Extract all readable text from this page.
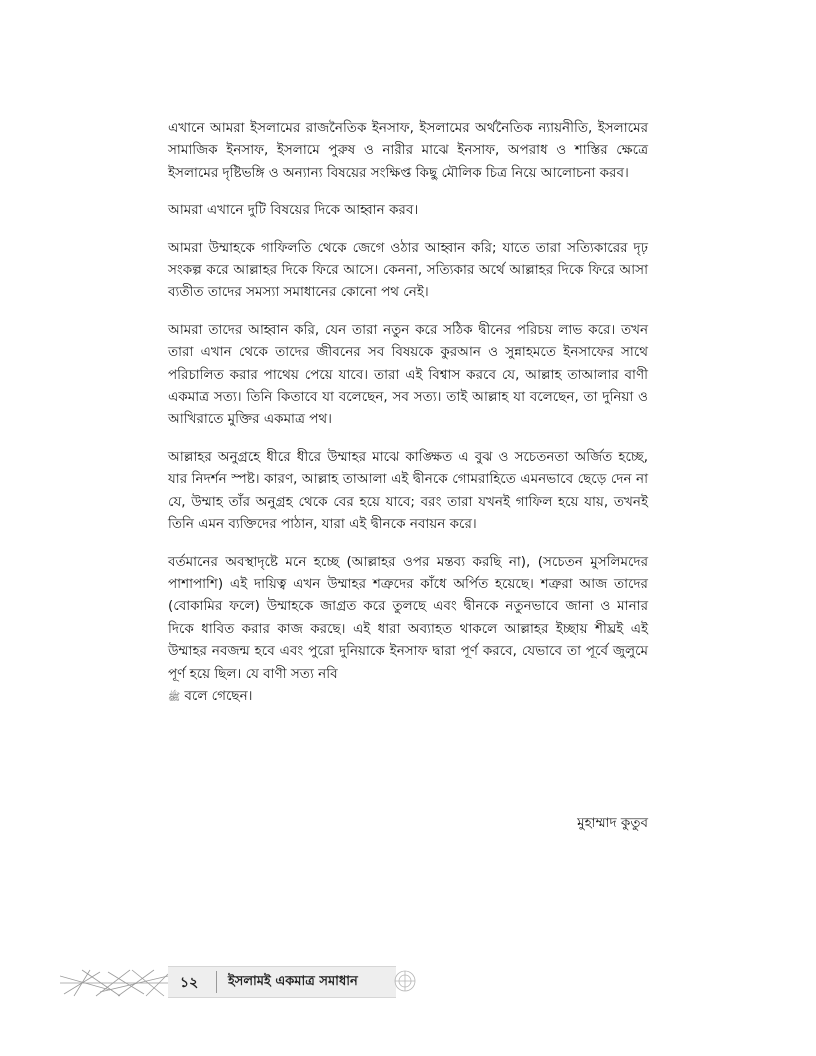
এখানে আমরা ইসলামের রাজনৈতিক ইনসাফ, ইসলামের অর্থনৈতিক ন্যায়নীতি, ইসলামের সামাজিক ইনসাফ, ইসলামে পুরুষ ও নারীর মাঝে ইনসাফ, অপরাধ ও শাস্তির ক্ষেত্রে ইসলামের দৃষ্টিভঙ্গি ও অন্যান্য বিষয়ের সংক্ষিপ্ত কিছু মৌলিক চিত্র নিয়ে আলোচনা করব।

আমরা এখানে দুটি বিষয়ের দিকে আহ্বান করব।

আমরা উম্মাহকে গাফিলতি থেকে জেগে ওঠার আহ্বান করি; যাতে তারা সত্যিকারের দৃঢ় সংকল্প করে আল্লাহর দিকে ফিরে আসে। কেননা, সত্যিকার অর্থে আল্লাহর দিকে ফিরে আসা ব্যতীত তাদের সমস্যা সমাধানের কোনো পথ নেই।

আমরা তাদের আহ্বান করি, যেন তারা নতুন করে সঠিক দ্বীনের পরিচয় লাভ করে। তখন তারা এখান থেকে তাদের জীবনের সব বিষয়কে কুরআন ও সুন্নাহমতে ইনসাফের সাথে পরিচালিত করার পাথেয় পেয়ে যাবে। তারা এই বিশ্বাস করবে যে, আল্লাহ তাআলার বাণী একমাত্র সত্য। তিনি কিতাবে যা বলেছেন, সব সত্য। তাই আল্লাহ যা বলেছেন, তা দুনিয়া ও আখিরাতে মুক্তির একমাত্র পথ।

আল্লাহর অনুগ্রহে ধীরে ধীরে উম্মাহর মাঝে কাঙ্ক্ষিত এ বুঝ ও সচেতনতা অর্জিত হচ্ছে, যার নিদর্শন স্পষ্ট। কারণ, আল্লাহ তাআলা এই দ্বীনকে গোমরাহিতে এমনভাবে ছেড়ে দেন না যে, উম্মাহ তাঁর অনুগ্রহ থেকে বের হয়ে যাবে; বরং তারা যখনই গাফিল হয়ে যায়, তখনই তিনি এমন ব্যক্তিদের পাঠান, যারা এই দ্বীনকে নবায়ন করে।

বর্তমানের অবস্থাদৃষ্টে মনে হচ্ছে (আল্লাহর ওপর মন্তব্য করছি না), (সচেতন মুসলিমদের পাশাপাশি) এই দায়িত্ব এখন উম্মাহর শত্রুদের কাঁধে অর্পিত হয়েছে। শত্রুরা আজ তাদের (বোকামির ফলে) উম্মাহকে জাগ্রত করে তুলছে এবং দ্বীনকে নতুনভাবে জানা ও মানার দিকে ধাবিত করার কাজ করছে। এই ধারা অব্যাহত থাকলে আল্লাহর ইচ্ছায় শীঘ্রই এই উম্মাহর নবজন্ম হবে এবং পুরো দুনিয়াকে ইনসাফ দ্বারা পূর্ণ করবে, যেভাবে তা পূর্বে জুলুমে পূর্ণ হয়ে ছিল। যে বাণী সত্য নবি
ﷺ বলে গেছেন।

মুহাম্মাদ কুতুব
১২ ইসলামই একমাত্র সমাধান
